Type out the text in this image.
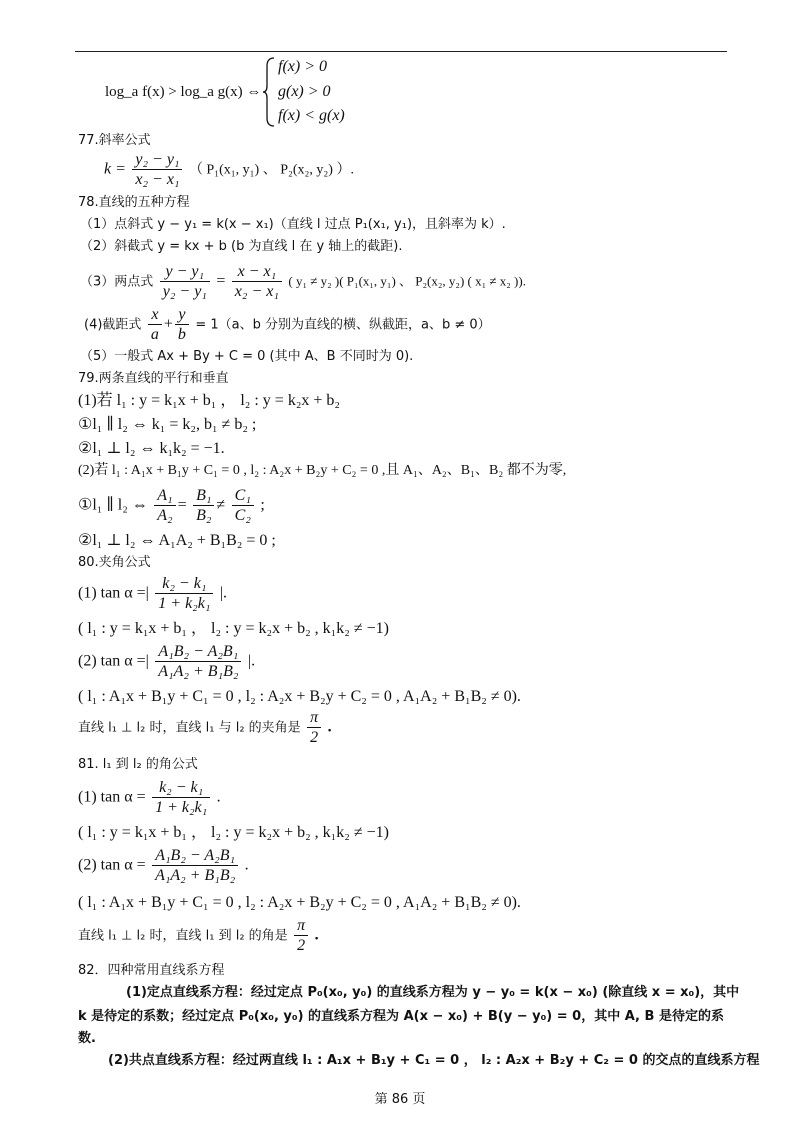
log_a f(x) > log_a g(x) ⇔
f(x) > 0
g(x) > 0
f(x) < g(x)
77.斜率公式
$k = \frac{\text{y₂ − y₁}}{\text{x₂ − x₁}}$ （ P₁(x₁, y₁) 、 P₂(x₂, y₂) ）.
78.直线的五种方程
（1）点斜式 y − y₁ = k(x − x₁)（直线 l 过点 P₁(x₁, y₁)，且斜率为 k）.
（2）斜截式 y = kx + b (b 为直线 l 在 y 轴上的截距).
（3）两点式 $\frac{\text{y − y₁}}{\text{y₂ − y₁}} = \frac{\text{x − x₁}}{\text{x₂ − x₁}}$ ( y₁ ≠ y₂ )( P₁(x₁, y₁) 、 P₂(x₂, y₂) ( x₁ ≠ x₂ )).
(4)截距式 $\frac{x}{a} + \frac{y}{b} = 1(a$、b 分别为直线的横、纵截距，a、b ≠ 0）
（5）一般式 Ax + By + C = 0 (其中 A、B 不同时为 0).
79.两条直线的平行和垂直
(1)若 l₁ : y = k₁x + b₁ ， l₂ : y = k₂x + b₂
①l₁ ∥ l₂ ⇔ k₁ = k₂, b₁ ≠ b₂ ;
②l₁ ⊥ l₂ ⇔ k₁k₂ = −1.
(2)若 l₁ : A₁x + B₁y + C₁ = 0 , l₂ : A₂x + B₂y + C₂ = 0 ,且 A₁、A₂、B₁、B₂ 都不为零,
①l₁ ∥ l₂ ⇔ $\frac{\text{A₁}}{\text{A₂}} = \frac{\text{B₁}}{\text{B₂}} \ne \frac{\text{C₁}}{\text{C₂}}$ ;
②l₁ ⊥ l₂ ⇔ A₁A₂ + B₁B₂ = 0 ;
80.夹角公式
(1) tan α =| $\frac{\text{k₂ − k₁}}{\text{1 + k₂k₁}}$ |.
( l₁ : y = k₁x + b₁ ， l₂ : y = k₂x + b₂ , k₁k₂ ≠ −1)
(2) tan α =| $\frac{\text{A₁B₂ − A₂B₁}}{\text{A₁A₂ + B₁B₂}}$ |.
( l₁ : A₁x + B₁y + C₁ = 0 , l₂ : A₂x + B₂y + C₂ = 0 , A₁A₂ + B₁B₂ ≠ 0).
直线 l₁ ⊥ l₂ 时，直线 l₁ 与 l₂ 的夹角是 $\frac{\pi}{2}$ .
81. l₁ 到 l₂ 的角公式
(1) $\tan \alpha = \frac{\text{k₂ − k₁}}{\text{1 + k₂k₁}}$ .
( l₁ : y = k₁x + b₁ ， l₂ : y = k₂x + b₂ , k₁k₂ ≠ −1)
(2) $\tan \alpha = \frac{\text{A₁B₂ − A₂B₁}}{\text{A₁A₂ + B₁B₂}}$ .
( l₁ : A₁x + B₁y + C₁ = 0 , l₂ : A₂x + B₂y + C₂ = 0 , A₁A₂ + B₁B₂ ≠ 0).
直线 l₁ ⊥ l₂ 时，直线 l₁ 到 l₂ 的角是 $\frac{\pi}{2}$ .
82．四种常用直线系方程
(1)定点直线系方程：经过定点 P₀(x₀, y₀) 的直线系方程为 y − y₀ = k(x − x₀) (除直线 x = x₀)，其中
k 是待定的系数；经过定点 P₀(x₀, y₀) 的直线系方程为 A(x − x₀) + B(y − y₀) = 0，其中 A, B 是待定的系
数.
(2)共点直线系方程：经过两直线 l₁ : A₁x + B₁y + C₁ = 0 ， l₂ : A₂x + B₂y + C₂ = 0 的交点的直线系方程
第 86 页
